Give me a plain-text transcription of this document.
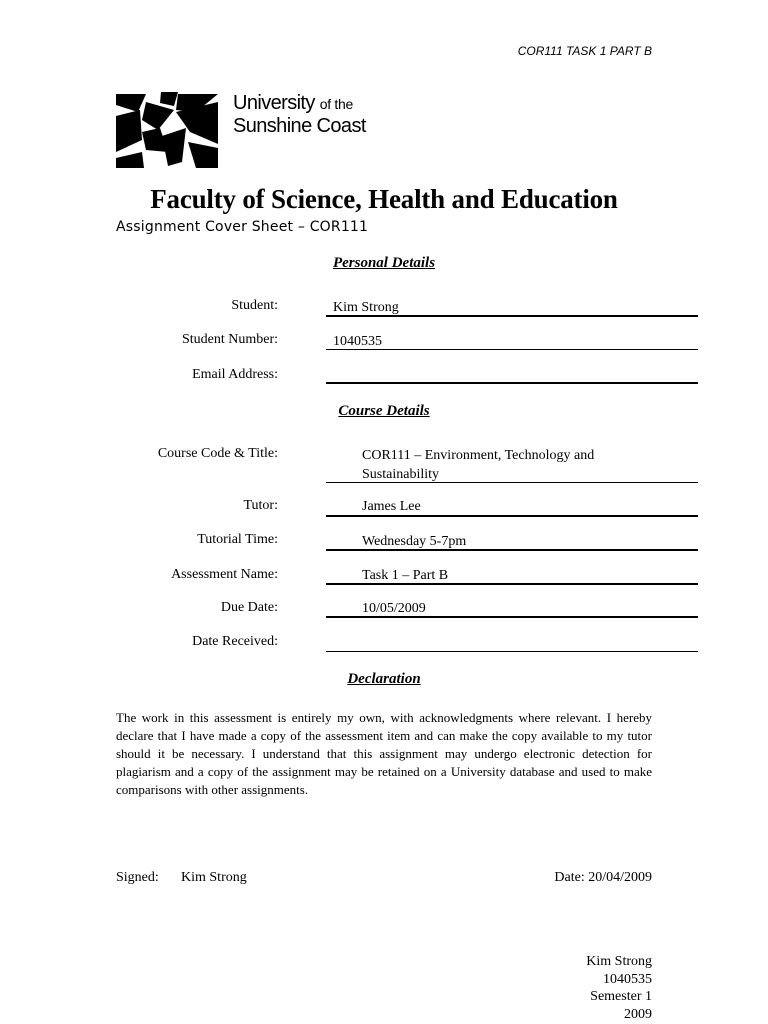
COR111 TASK 1 PART B
University of the
Sunshine Coast
Faculty of Science, Health and Education
Assignment Cover Sheet – COR111
Personal Details
Student:	Kim Strong
Student Number:	1040535
Email Address:
Course Details
Course Code & Title:	COR111 – Environment, Technology and Sustainability
Tutor:	James Lee
Tutorial Time:	Wednesday 5-7pm
Assessment Name:	Task 1 – Part B
Due Date:	10/05/2009
Date Received:
Declaration
The work in this assessment is entirely my own, with acknowledgments where relevant. I hereby declare that I have made a copy of the assessment item and can make the copy available to my tutor should it be necessary. I understand that this assignment may undergo electronic detection for plagiarism and a copy of the assignment may be retained on a University database and used to make comparisons with other assignments.
Signed: Kim Strong	Date: 20/04/2009
Kim Strong
1040535
Semester 1
2009
